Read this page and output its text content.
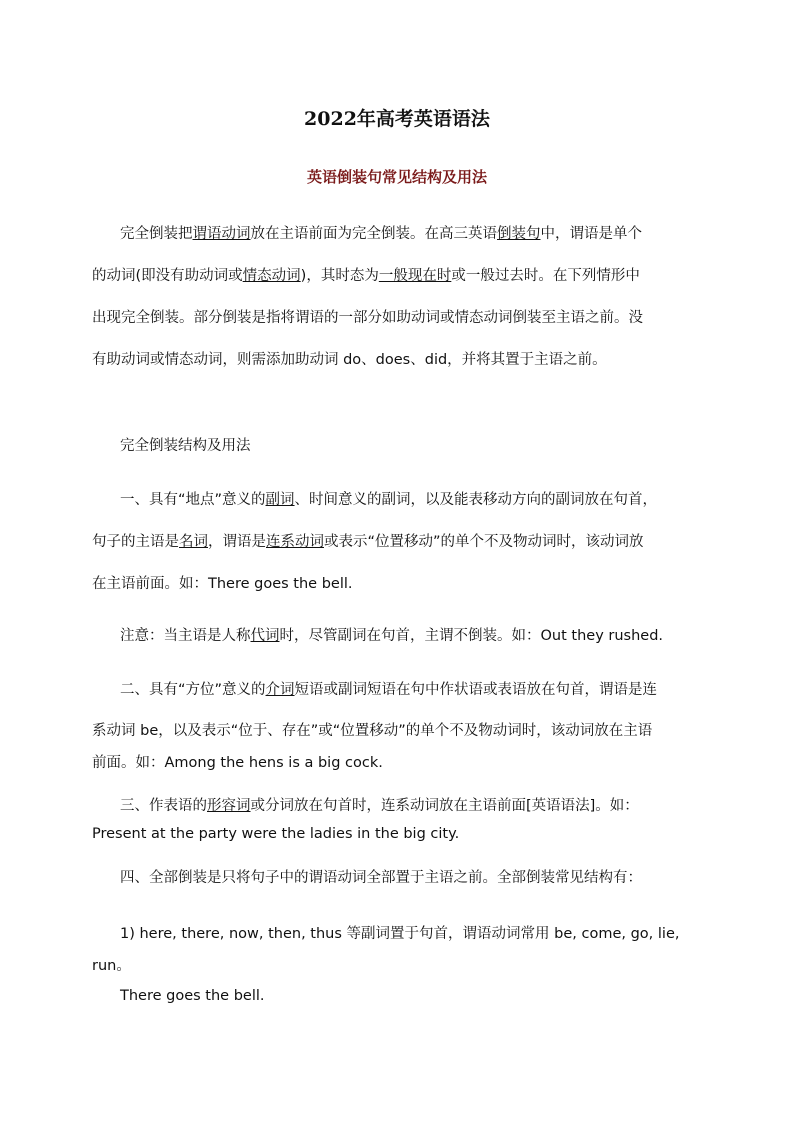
2022年高考英语语法
英语倒装句常见结构及用法
完全倒装把谓语动词放在主语前面为完全倒装。在高三英语倒装句中，谓语是单个
的动词(即没有助动词或情态动词)，其时态为一般现在时或一般过去时。在下列情形中
出现完全倒装。部分倒装是指将谓语的一部分如助动词或情态动词倒装至主语之前。没
有助动词或情态动词，则需添加助动词 do、does、did，并将其置于主语之前。
完全倒装结构及用法
一、具有“地点”意义的副词、时间意义的副词，以及能表移动方向的副词放在句首，
句子的主语是名词，谓语是连系动词或表示“位置移动”的单个不及物动词时，该动词放
在主语前面。如：There goes the bell.
注意：当主语是人称代词时，尽管副词在句首，主谓不倒装。如：Out they rushed.
二、具有“方位”意义的介词短语或副词短语在句中作状语或表语放在句首，谓语是连
系动词 be，以及表示“位于、存在”或“位置移动”的单个不及物动词时，该动词放在主语
前面。如：Among the hens is a big cock.
三、作表语的形容词或分词放在句首时，连系动词放在主语前面[英语语法]。如：
Present at the party were the ladies in the big city.
四、全部倒装是只将句子中的谓语动词全部置于主语之前。全部倒装常见结构有：
1) here, there, now, then, thus 等副词置于句首，谓语动词常用 be, come, go, lie,
run。
There goes the bell.
